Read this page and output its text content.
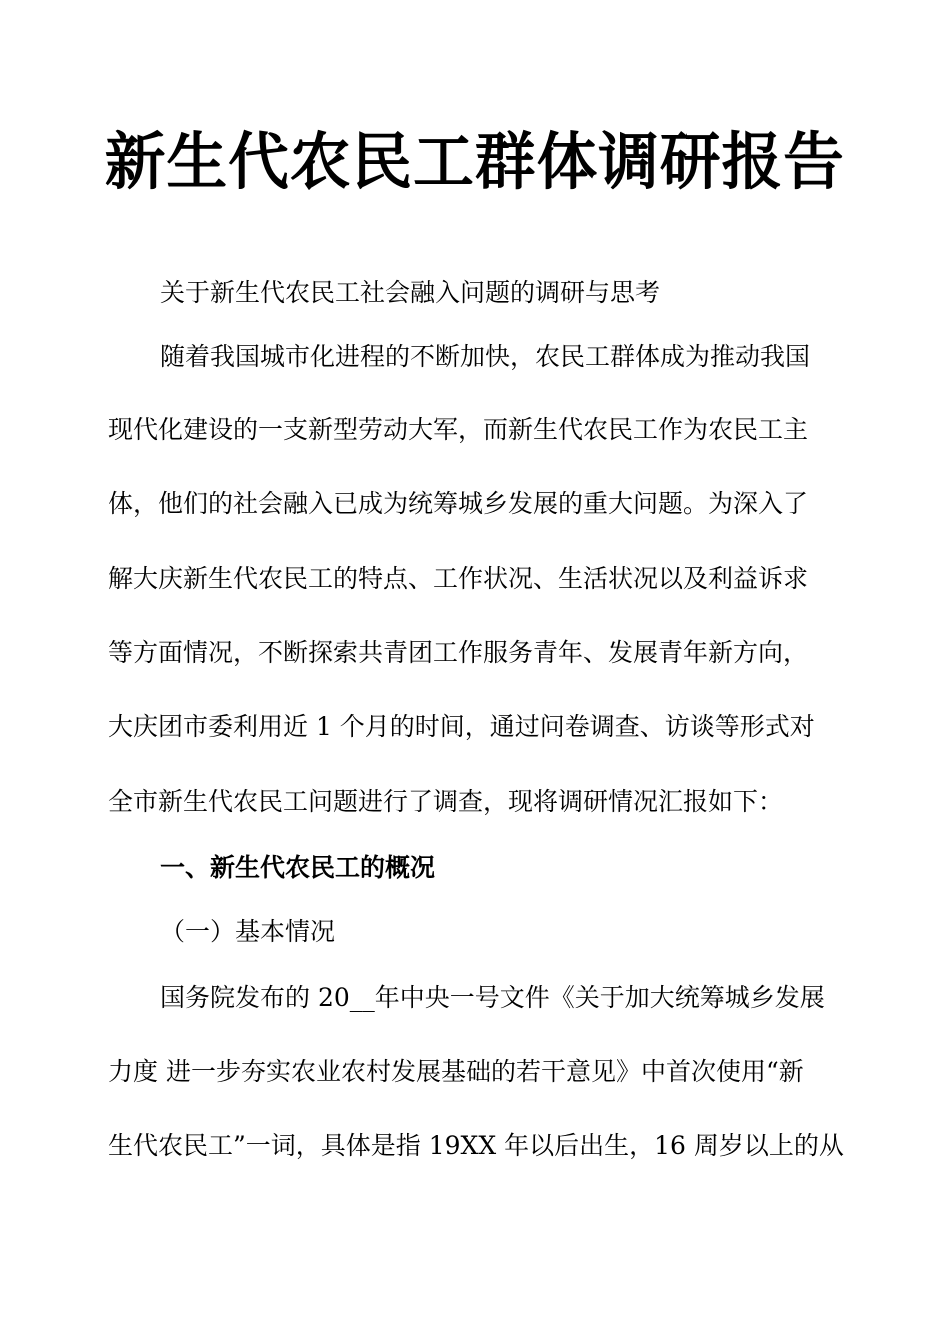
新生代农民工群体调研报告
关于新生代农民工社会融入问题的调研与思考
随着我国城市化进程的不断加快，农民工群体成为推动我国
现代化建设的一支新型劳动大军，而新生代农民工作为农民工主
体，他们的社会融入已成为统筹城乡发展的重大问题。为深入了
解大庆新生代农民工的特点、工作状况、生活状况以及利益诉求
等方面情况，不断探索共青团工作服务青年、发展青年新方向，
大庆团市委利用近 1 个月的时间，通过问卷调查、访谈等形式对
全市新生代农民工问题进行了调查，现将调研情况汇报如下：
一、新生代农民工的概况
（一）基本情况
国务院发布的 20__年中央一号文件《关于加大统筹城乡发展
力度 进一步夯实农业农村发展基础的若干意见》中首次使用“新
生代农民工”一词，具体是指 19XX 年以后出生，16 周岁以上的从
